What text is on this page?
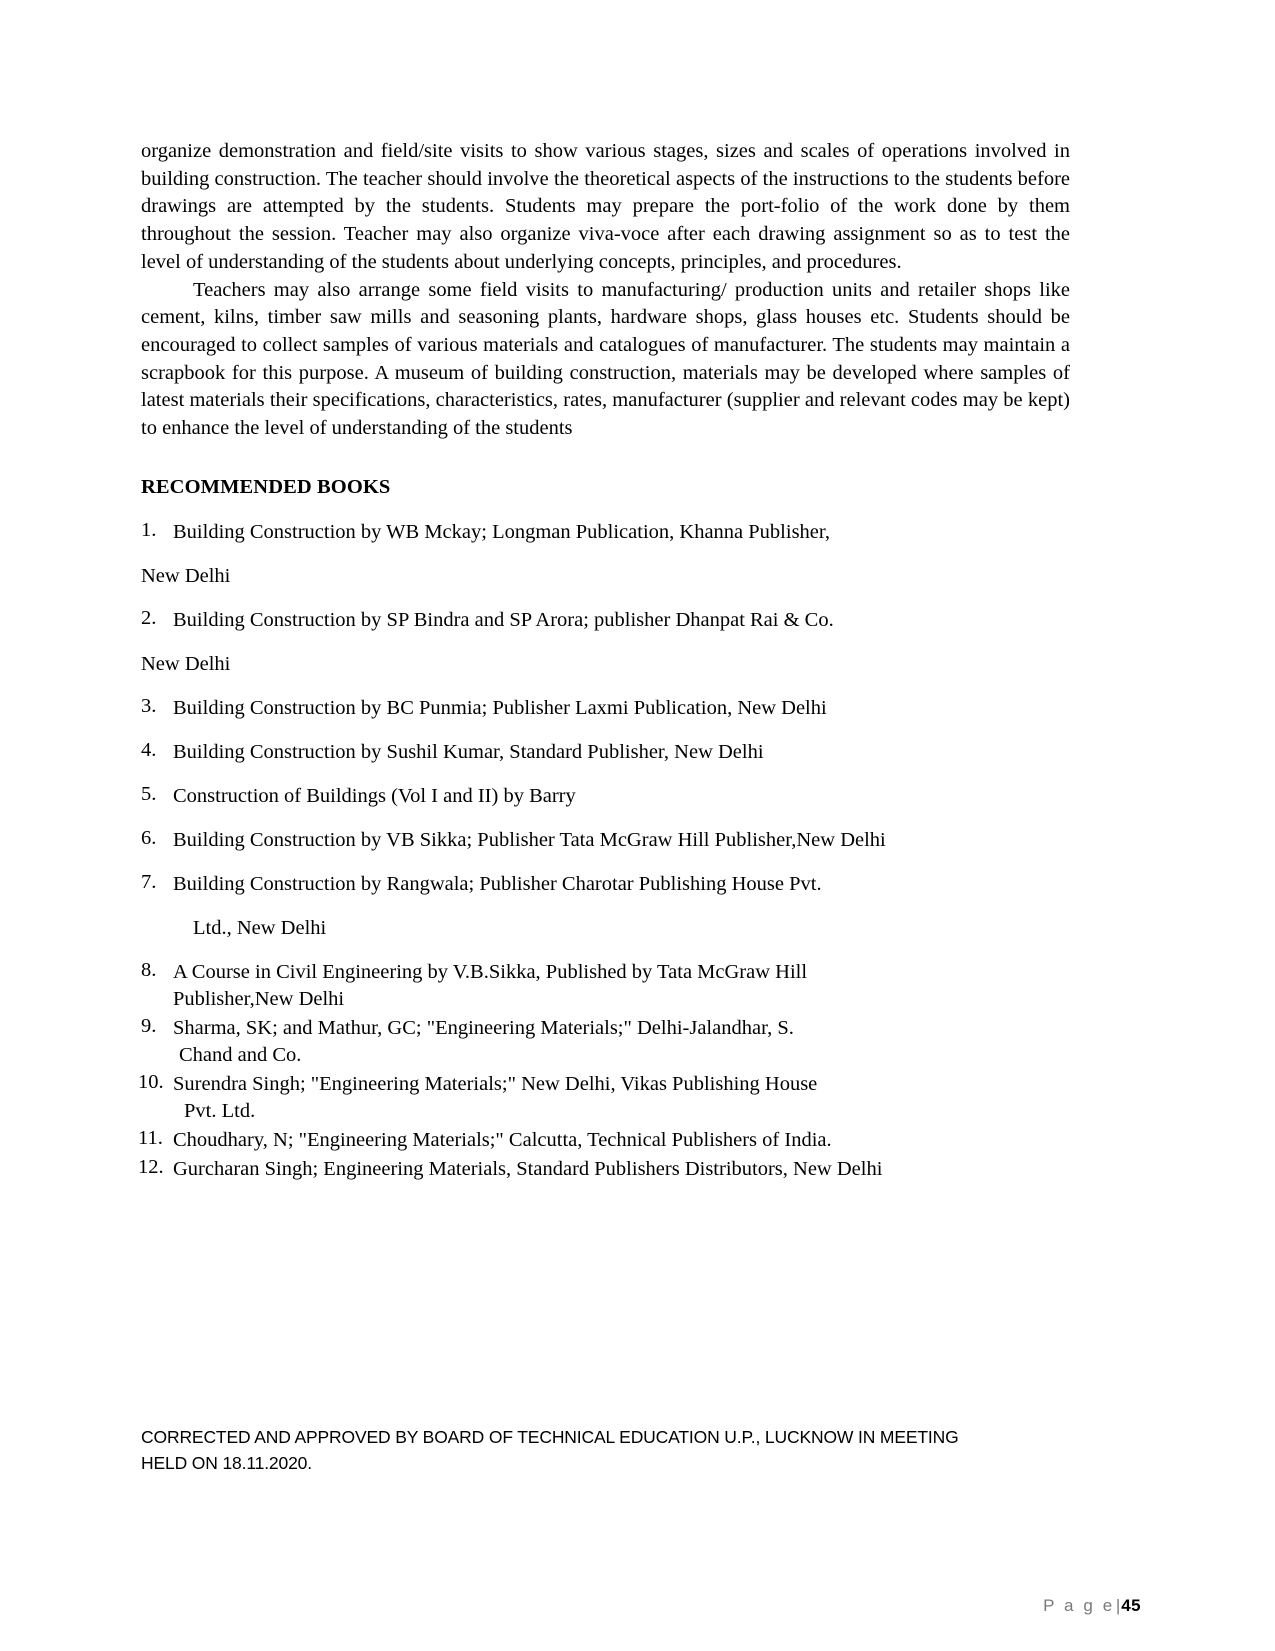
organize demonstration and field/site visits to show various stages, sizes and scales of operations involved in building construction. The teacher should involve the theoretical aspects of the instructions to the students before drawings are attempted by the students. Students may prepare the port-folio of the work done by them throughout the session. Teacher may also organize viva-voce after each drawing assignment so as to test the level of understanding of the students about underlying concepts, principles, and procedures.

Teachers may also arrange some field visits to manufacturing/ production units and retailer shops like cement, kilns, timber saw mills and seasoning plants, hardware shops, glass houses etc. Students should be encouraged to collect samples of various materials and catalogues of manufacturer. The students may maintain a scrapbook for this purpose. A museum of building construction, materials may be developed where samples of latest materials their specifications, characteristics, rates, manufacturer (supplier and relevant codes may be kept) to enhance the level of understanding of the students

RECOMMENDED BOOKS
1. Building Construction by WB Mckay; Longman Publication, Khanna Publisher,
New Delhi
2. Building Construction by SP Bindra and SP Arora; publisher Dhanpat Rai & Co.
New Delhi
3. Building Construction by BC Punmia; Publisher Laxmi Publication, New Delhi
4. Building Construction by Sushil Kumar, Standard Publisher, New Delhi
5. Construction of Buildings (Vol I and II) by Barry
6. Building Construction by VB Sikka; Publisher Tata McGraw Hill Publisher,New Delhi
7. Building Construction by Rangwala; Publisher Charotar Publishing House Pvt.
Ltd., New Delhi
8. A Course in Civil Engineering by V.B.Sikka, Published by Tata McGraw Hill
Publisher,New Delhi
9. Sharma, SK; and Mathur, GC; "Engineering Materials;" Delhi-Jalandhar, S.
Chand and Co.
10. Surendra Singh; "Engineering Materials;" New Delhi, Vikas Publishing House
Pvt. Ltd.
11. Choudhary, N; "Engineering Materials;" Calcutta, Technical Publishers of India.
12. Gurcharan Singh; Engineering Materials, Standard Publishers Distributors, New Delhi
CORRECTED AND APPROVED BY BOARD OF TECHNICAL EDUCATION U.P., LUCKNOW IN MEETING
HELD ON 18.11.2020.
P a g e|45
